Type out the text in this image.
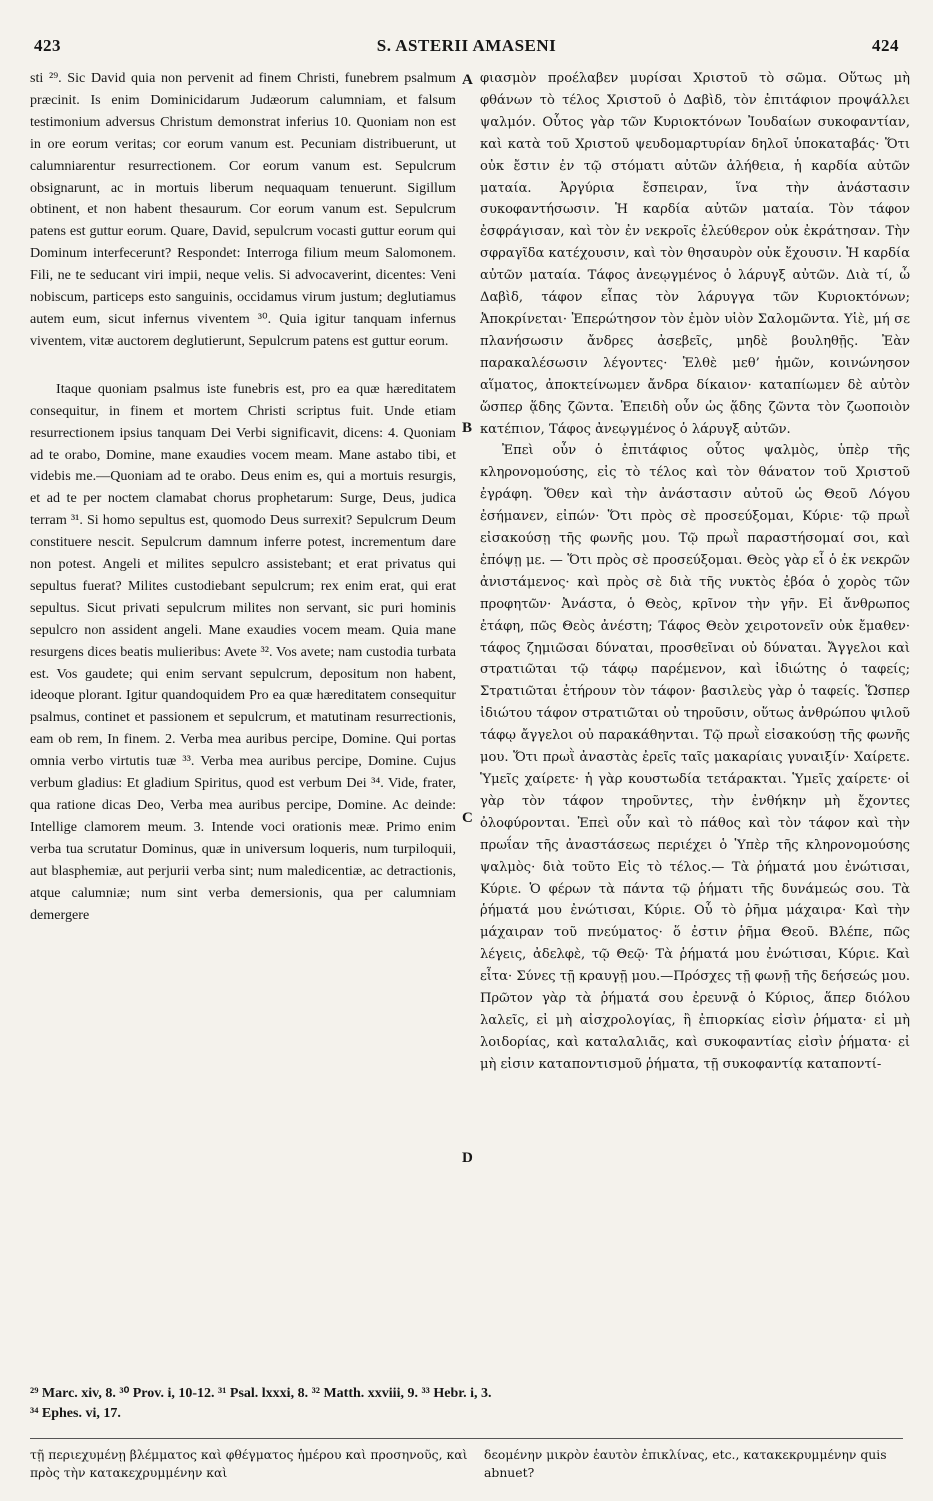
423	S. ASTERII AMASENI	424

sti ²⁹. Sic David quia non pervenit ad finem Christi, funebrem psalmum præcinit. Is enim Dominicidarum Judæorum calumniam, et falsum testimonium adversus Christum demonstrat inferius 10. Quoniam non est in ore eorum veritas; cor eorum vanum est. Pecuniam distribuerunt, ut calumniarentur resurrectionem. Cor eorum vanum est. Sepulcrum obsignarunt, ac in mortuis liberum nequaquam tenuerunt. Sigillum obtinent, et non habent thesaurum. Cor eorum vanum est. Sepulcrum patens est guttur eorum. Quare, David, sepulcrum vocasti guttur eorum qui Dominum interfecerunt? Respondet: Interroga filium meum Salomonem. Fili, ne te seducant viri impii, neque velis. Si advocaverint, dicentes: Veni nobiscum, particeps esto sanguinis, occidamus virum justum; deglutiamus autem eum, sicut infernus viventem ³⁰. Quia igitur tanquam infernus viventem, vitæ auctorem deglutierunt, Sepulcrum patens est guttur eorum.

Itaque quoniam psalmus iste funebris est, pro ea quæ hæreditatem consequitur, in finem et mortem Christi scriptus fuit. Unde etiam resurrectionem ipsius tanquam Dei Verbi significavit, dicens: 4. Quoniam ad te orabo, Domine, mane exaudies vocem meam. Mane astabo tibi, et videbis me.—Quoniam ad te orabo. Deus enim es, qui a mortuis resurgis, et ad te per noctem clamabat chorus prophetarum: Surge, Deus, judica terram ³¹. Si homo sepultus est, quomodo Deus surrexit? Sepulcrum Deum constituere nescit. Sepulcrum damnum inferre potest, incrementum dare non potest. Angeli et milites sepulcro assistebant; et erat privatus qui sepultus fuerat? Milites custodiebant sepulcrum; rex enim erat, qui erat sepultus. Sicut privati sepulcrum milites non servant, sic puri hominis sepulcro non assident angeli. Mane exaudies vocem meam. Quia mane resurgens dices beatis mulieribus: Avete ³². Vos avete; nam custodia turbata est. Vos gaudete; qui enim servant sepulcrum, depositum non habent, ideoque plorant. Igitur quandoquidem Pro ea quæ hæreditatem consequitur psalmus, continet et passionem et sepulcrum, et matutinam resurrectionis, eam ob rem, In finem. 2. Verba mea auribus percipe, Domine. Qui portas omnia verbo virtutis tuæ ³³. Verba mea auribus percipe, Domine. Cujus verbum gladius: Et gladium Spiritus, quod est verbum Dei ³⁴. Vide, frater, qua ratione dicas Deo, Verba mea auribus percipe, Domine. Ac deinde: Intellige clamorem meum. 3. Intende voci orationis meæ. Primo enim verba tua scrutatur Dominus, quæ in universum loqueris, num turpiloquii, aut blasphemiæ, aut perjurii verba sint; num maledicentiæ, ac detractionis, atque calumniæ; num sint verba demersionis, qua per calumniam demergere

φιασμὸν προέλαβεν μυρίσαι Χριστοῦ τὸ σῶμα. Οὕτως μὴ φθάνων τὸ τέλος Χριστοῦ ὁ Δαβὶδ, τὸν ἐπιτάφιον προψάλλει ψαλμόν. Οὗτος γὰρ τῶν Κυριοκτόνων Ἰουδαίων συκοφαντίαν, καὶ κατὰ τοῦ Χριστοῦ ψευδομαρτυρίαν δηλοῖ ὑποκαταβάς· Ὅτι οὐκ ἔστιν ἐν τῷ στόματι αὐτῶν ἀλήθεια, ἡ καρδία αὐτῶν ματαία. Ἀργύρια ἔσπειραν, ἵνα τὴν ἀνάστασιν συκοφαντήσωσιν. Ἡ καρδία αὐτῶν ματαία. Τὸν τάφον ἐσφράγισαν, καὶ τὸν ἐν νεκροῖς ἐλεύθερον οὐκ ἐκράτησαν. Τὴν σφραγῖδα κατέχουσιν, καὶ τὸν θησαυρὸν οὐκ ἔχουσιν. Ἡ καρδία αὐτῶν ματαία. Τάφος ἀνεῳγμένος ὁ λάρυγξ αὐτῶν. Διὰ τί, ὦ Δαβὶδ, τάφον εἶπας τὸν λάρυγγα τῶν Κυριοκτόνων; Ἀποκρίνεται· Ἐπερώτησον τὸν ἐμὸν υἱὸν Σαλομῶντα. Υἱὲ, μή σε πλανήσωσιν ἄνδρες ἀσεβεῖς, μηδὲ βουληθῇς. Ἐὰν παρακαλέσωσιν λέγοντες· Ἐλθὲ μεθ’ ἡμῶν, κοινώνησον αἵματος, ἀποκτείνωμεν ἄνδρα δίκαιον· καταπίωμεν δὲ αὐτὸν ὥσπερ ᾅδης ζῶντα. Ἐπειδὴ οὖν ὡς ᾅδης ζῶντα τὸν ζωοποιὸν κατέπιον, Τάφος ἀνεῳγμένος ὁ λάρυγξ αὐτῶν.

Ἐπεὶ οὖν ὁ ἐπιτάφιος οὗτος ψαλμὸς, ὑπὲρ τῆς κληρονομούσης, εἰς τὸ τέλος καὶ τὸν θάνατον τοῦ Χριστοῦ ἐγράφη. Ὅθεν καὶ τὴν ἀνάστασιν αὐτοῦ ὡς Θεοῦ Λόγου ἐσήμανεν, εἰπών· Ὅτι πρὸς σὲ προσεύξομαι, Κύριε· τῷ πρωῒ εἰσακούσῃ τῆς φωνῆς μου. Τῷ πρωῒ παραστήσομαί σοι, καὶ ἐπόψῃ με. — Ὅτι πρὸς σὲ προσεύξομαι. Θεὸς γὰρ εἶ ὁ ἐκ νεκρῶν ἀνιστάμενος· καὶ πρὸς σὲ διὰ τῆς νυκτὸς ἐβόα ὁ χορὸς τῶν προφητῶν· Ἀνάστα, ὁ Θεὸς, κρῖνον τὴν γῆν. Εἰ ἄνθρωπος ἐτάφη, πῶς Θεὸς ἀνέστη; Τάφος Θεὸν χειροτονεῖν οὐκ ἔμαθεν· τάφος ζημιῶσαι δύναται, προσθεῖναι οὐ δύναται. Ἄγγελοι καὶ στρατιῶται τῷ τάφῳ παρέμενον, καὶ ἰδιώτης ὁ ταφείς; Στρατιῶται ἐτήρουν τὸν τάφον· βασιλεὺς γὰρ ὁ ταφείς. Ὥσπερ ἰδιώτου τάφον στρατιῶται οὐ τηροῦσιν, οὕτως ἀνθρώπου ψιλοῦ τάφῳ ἄγγελοι οὐ παρακάθηνται. Τῷ πρωῒ εἰσακούσῃ τῆς φωνῆς μου. Ὅτι πρωῒ ἀναστὰς ἐρεῖς ταῖς μακαρίαις γυναιξίν· Χαίρετε. Ὑμεῖς χαίρετε· ἡ γὰρ κουστωδία τετάρακται. Ὑμεῖς χαίρετε· οἱ γὰρ τὸν τάφον τηροῦντες, τὴν ἐνθήκην μὴ ἔχοντες ὀλοφύρονται. Ἐπεὶ οὖν καὶ τὸ πάθος καὶ τὸν τάφον καὶ τὴν πρωΐαν τῆς ἀναστάσεως περιέχει ὁ Ὑπὲρ τῆς κληρονομούσης ψαλμὸς· διὰ τοῦτο Εἰς τὸ τέλος.— Τὰ ῥήματά μου ἐνώτισαι, Κύριε. Ὁ φέρων τὰ πάντα τῷ ῥήματι τῆς δυνάμεώς σου. Τὰ ῥήματά μου ἐνώτισαι, Κύριε. Οὗ τὸ ῥῆμα μάχαιρα· Καὶ τὴν μάχαιραν τοῦ πνεύματος· ὅ ἐστιν ῥῆμα Θεοῦ. Βλέπε, πῶς λέγεις, ἀδελφὲ, τῷ Θεῷ· Τὰ ῥήματά μου ἐνώτισαι, Κύριε. Καὶ εἶτα· Σύνες τῇ κραυγῇ μου.—Πρόσχες τῇ φωνῇ τῆς δεήσεώς μου. Πρῶτον γὰρ τὰ ῥήματά σου ἐρευνᾷ ὁ Κύριος, ἅπερ διόλου λαλεῖς, εἰ μὴ αἰσχρολογίας, ἢ ἐπιορκίας εἰσὶν ῥήματα· εἰ μὴ λοιδορίας, καὶ καταλαλιᾶς, καὶ συκοφαντίας εἰσὶν ῥήματα· εἰ μὴ εἰσιν καταποντισμοῦ ῥήματα, τῇ συκοφαντίᾳ καταποντί-

A
B
C
D
²⁹ Marc. xiv, 8. ³⁰ Prov. i, 10-12. ³¹ Psal. lxxxi, 8. ³² Matth. xxviii, 9. ³³ Hebr. i, 3.
³⁴ Ephes. vi, 17.
τῇ περιεχυμένῃ βλέμματος καὶ φθέγματος ἡμέρου καὶ προσηνοῦς, καὶ πρὸς τὴν κατακεχρυμμένην καὶ
δεομένην μικρὸν ἑαυτὸν ἐπικλίνας, etc., κατακεκρυμμένην quis abnuet?
